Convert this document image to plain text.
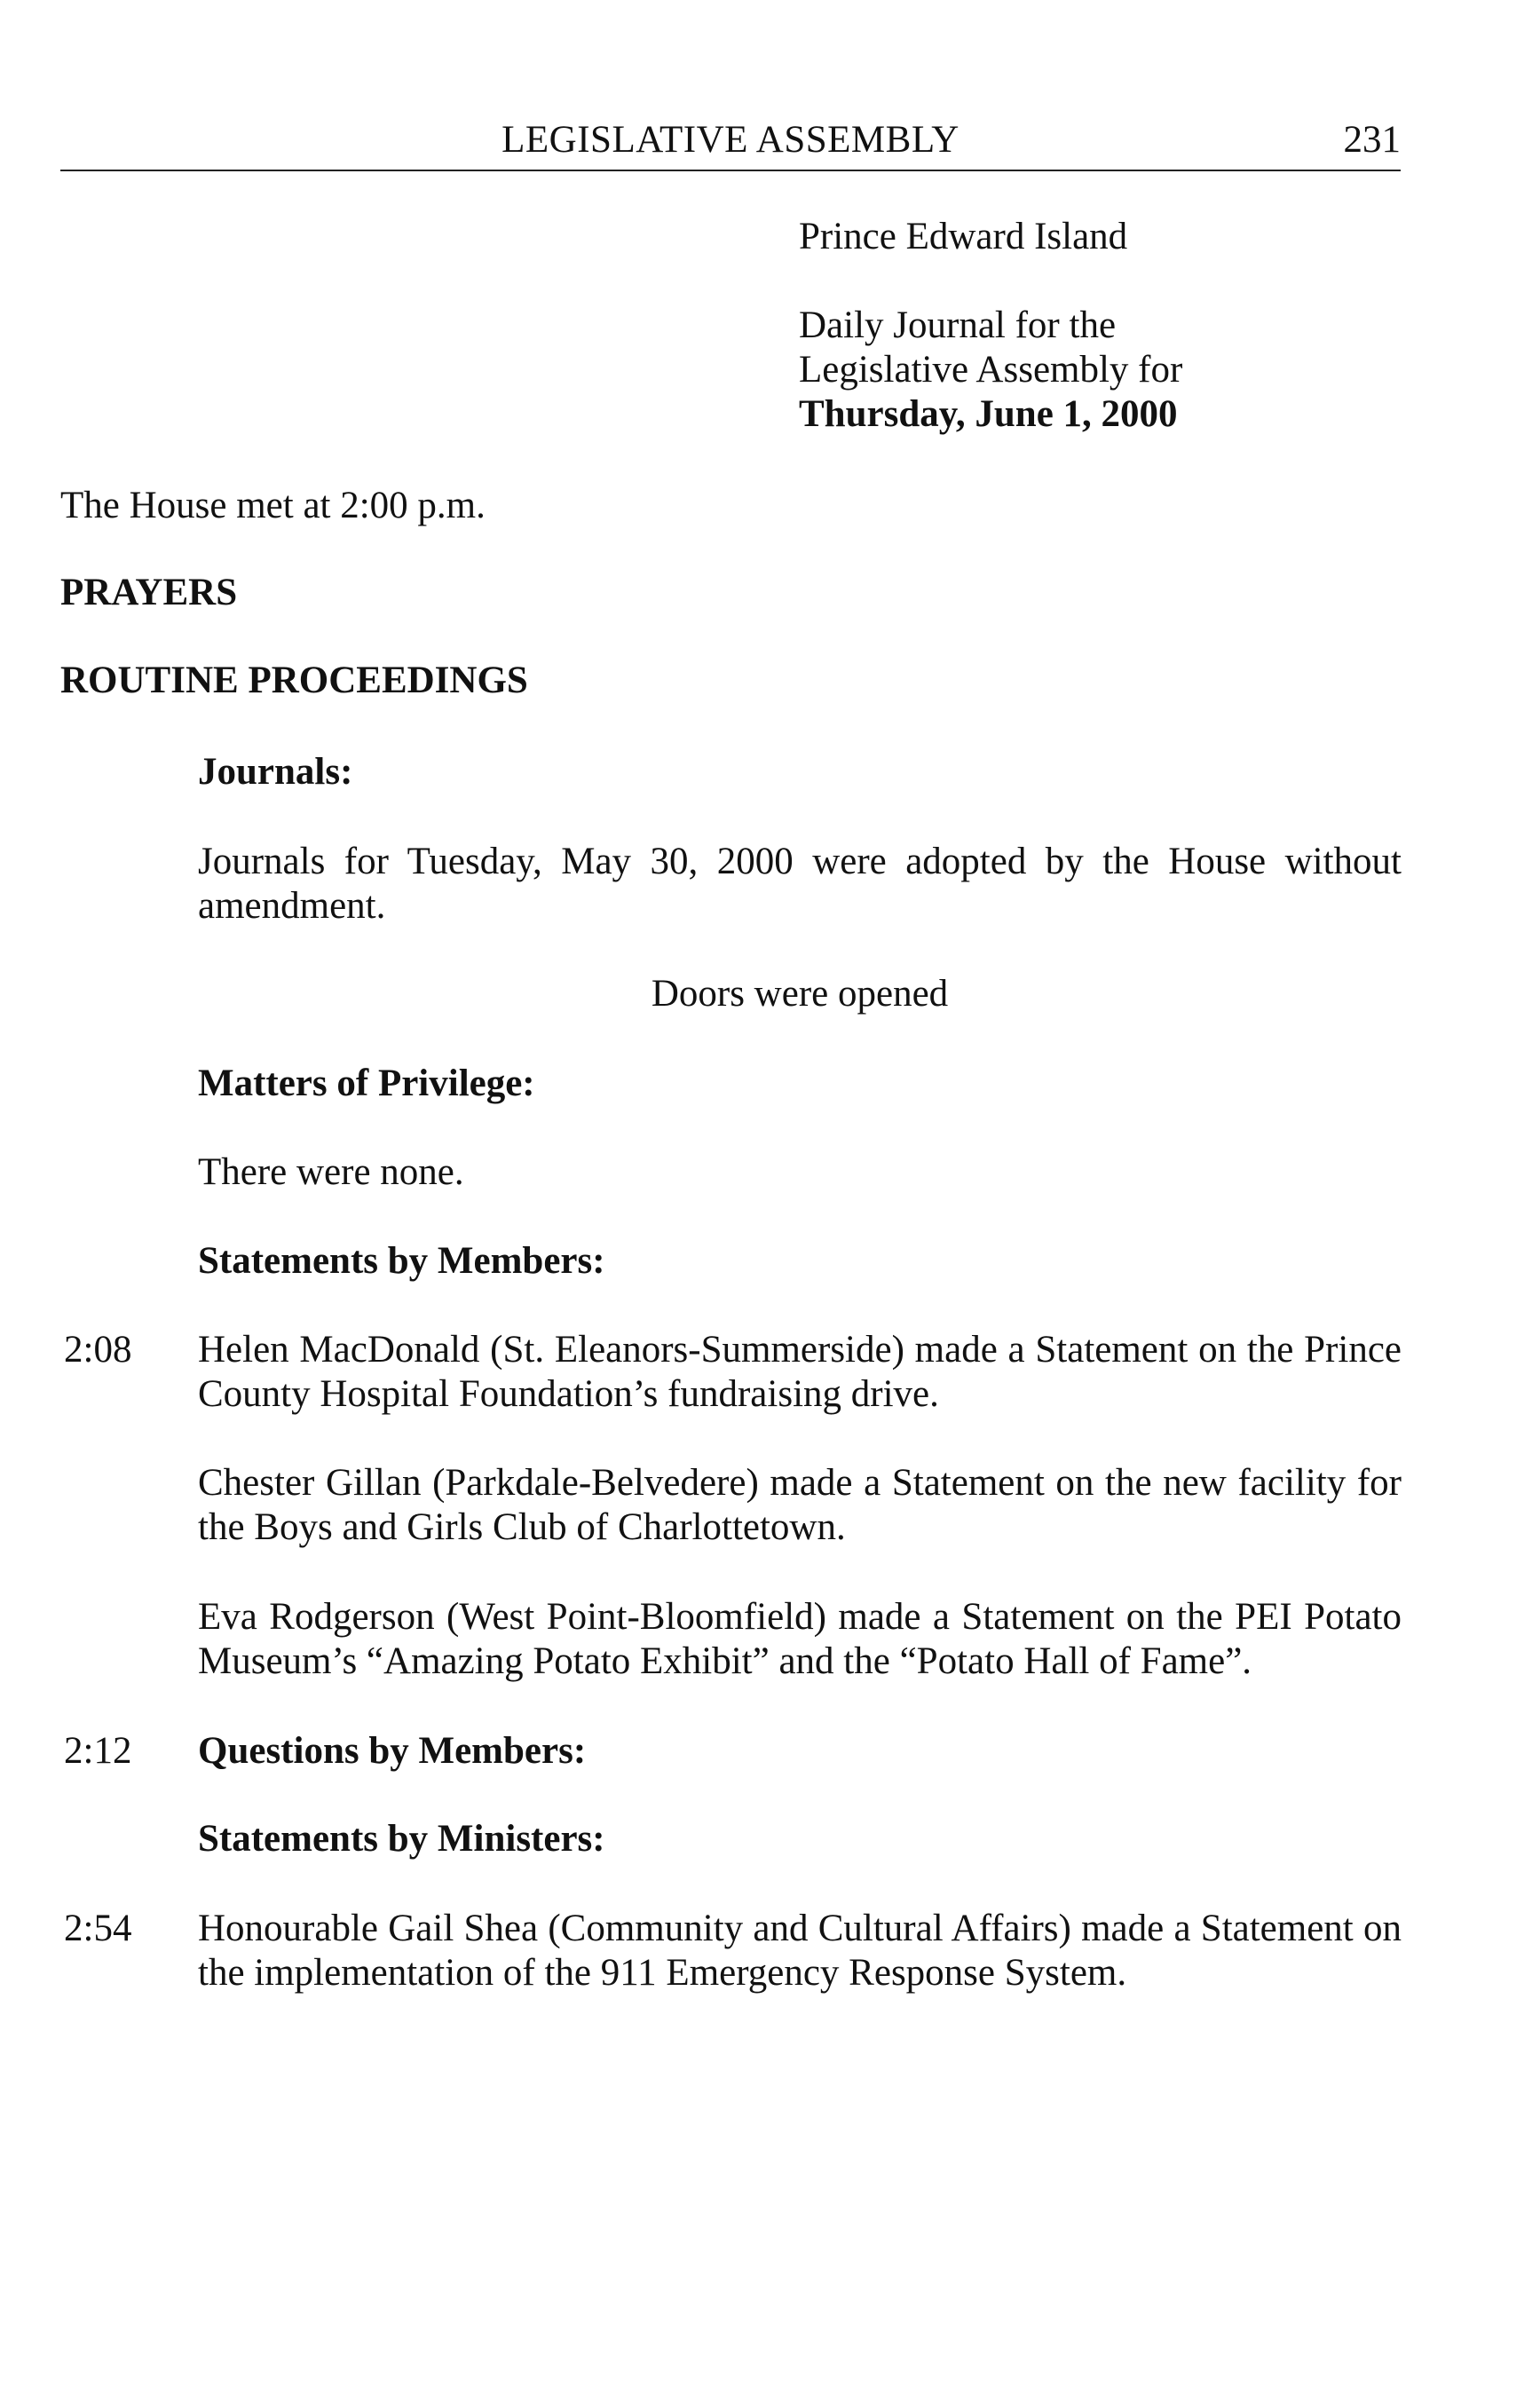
LEGISLATIVE ASSEMBLY	231
Prince Edward Island
Daily Journal for the
Legislative Assembly for
Thursday, June 1, 2000

The House met at 2:00 p.m.

PRAYERS

ROUTINE PROCEEDINGS

Journals:

Journals for Tuesday, May 30, 2000 were adopted by the House without amendment.

Doors were opened

Matters of Privilege:

There were none.

Statements by Members:

2:08 Helen MacDonald (St. Eleanors-Summerside) made a Statement on the Prince County Hospital Foundation’s fundraising drive.

Chester Gillan (Parkdale-Belvedere) made a Statement on the new facility for the Boys and Girls Club of Charlottetown.

Eva Rodgerson (West Point-Bloomfield) made a Statement on the PEI Potato Museum’s “Amazing Potato Exhibit” and the “Potato Hall of Fame”.

2:12 Questions by Members:

Statements by Ministers:

2:54 Honourable Gail Shea (Community and Cultural Affairs) made a Statement on the implementation of the 911 Emergency Response System.
